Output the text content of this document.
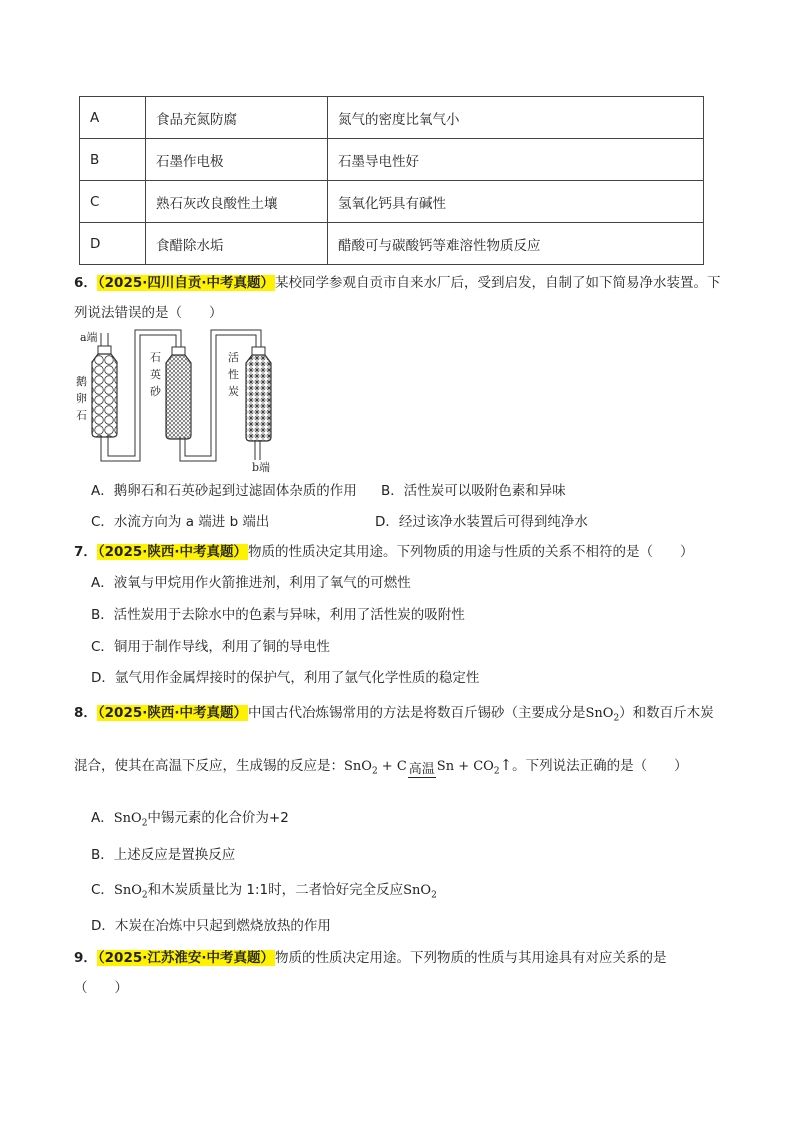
A	食品充氮防腐	氮气的密度比氧气小
B	石墨作电极	石墨导电性好
C	熟石灰改良酸性土壤	氢氧化钙具有碱性
D	食醋除水垢	醋酸可与碳酸钙等难溶性物质反应
6．（2025·四川自贡·中考真题）某校同学参观自贡市自来水厂后，受到启发，自制了如下简易净水装置。下
列说法错误的是（　　）
a端
b端
鹅
卵
石
石
英
砂
活
性
炭
A．鹅卵石和石英砂起到过滤固体杂质的作用 B．活性炭可以吸附色素和异味
C．水流方向为 a 端进 b 端出	D．经过该净水装置后可得到纯净水
7．（2025·陕西·中考真题）物质的性质决定其用途。下列物质的用途与性质的关系不相符的是（　　）
A．液氧与甲烷用作火箭推进剂，利用了氧气的可燃性
B．活性炭用于去除水中的色素与异味，利用了活性炭的吸附性
C．铜用于制作导线，利用了铜的导电性
D．氩气用作金属焊接时的保护气，利用了氩气化学性质的稳定性
8．（2025·陕西·中考真题）中国古代冶炼锡常用的方法是将数百斤锡砂（主要成分是SnO$_2$）和数百斤木炭
混合，使其在高温下反应，生成锡的反应是：SnO$_2$ + C 高温 $Sn + CO_2↑$。下列说法正确的是（　　）
A．SnO$_2$中锡元素的化合价为+2
B．上述反应是置换反应
C．SnO$_2$和木炭质量比为 1:1时，二者恰好完全反应SnO$_2$
D．木炭在冶炼中只起到燃烧放热的作用
9．（2025·江苏淮安·中考真题）物质的性质决定用途。下列物质的性质与其用途具有对应关系的是
（　　）
